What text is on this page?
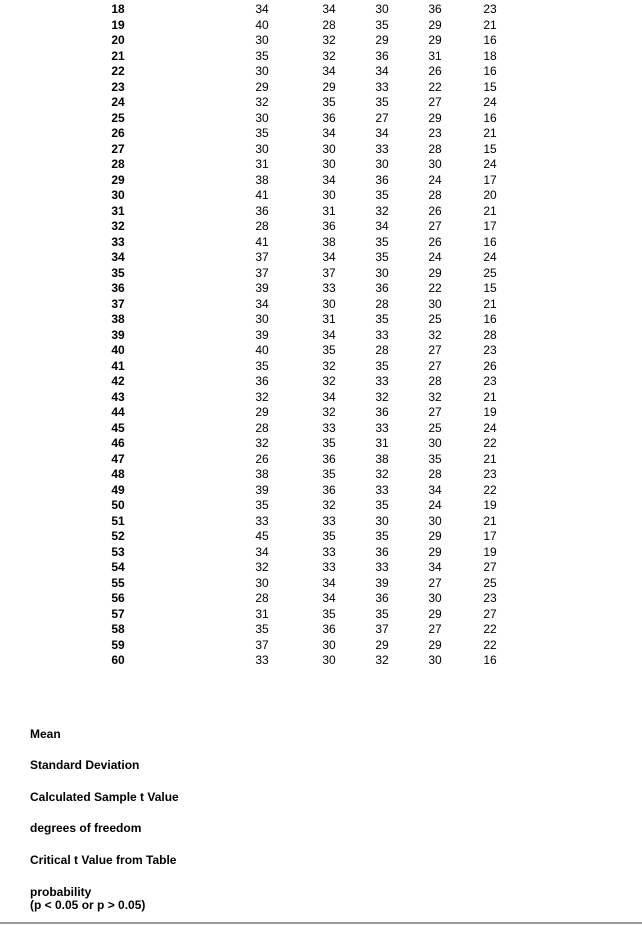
18	34	34	30	36	23
19	40	28	35	29	21
20	30	32	29	29	16
21	35	32	36	31	18
22	30	34	34	26	16
23	29	29	33	22	15
24	32	35	35	27	24
25	30	36	27	29	16
26	35	34	34	23	21
27	30	30	33	28	15
28	31	30	30	30	24
29	38	34	36	24	17
30	41	30	35	28	20
31	36	31	32	26	21
32	28	36	34	27	17
33	41	38	35	26	16
34	37	34	35	24	24
35	37	37	30	29	25
36	39	33	36	22	15
37	34	30	28	30	21
38	30	31	35	25	16
39	39	34	33	32	28
40	40	35	28	27	23
41	35	32	35	27	26
42	36	32	33	28	23
43	32	34	32	32	21
44	29	32	36	27	19
45	28	33	33	25	24
46	32	35	31	30	22
47	26	36	38	35	21
48	38	35	32	28	23
49	39	36	33	34	22
50	35	32	35	24	19
51	33	33	30	30	21
52	45	35	35	29	17
53	34	33	36	29	19
54	32	33	33	34	27
55	30	34	39	27	25
56	28	34	36	30	23
57	31	35	35	29	27
58	35	36	37	27	22
59	37	30	29	29	22
60	33	30	32	30	16
Mean
Standard Deviation
Calculated Sample t Value
degrees of freedom
Critical t Value from Table
probability
(p < 0.05 or p > 0.05)
